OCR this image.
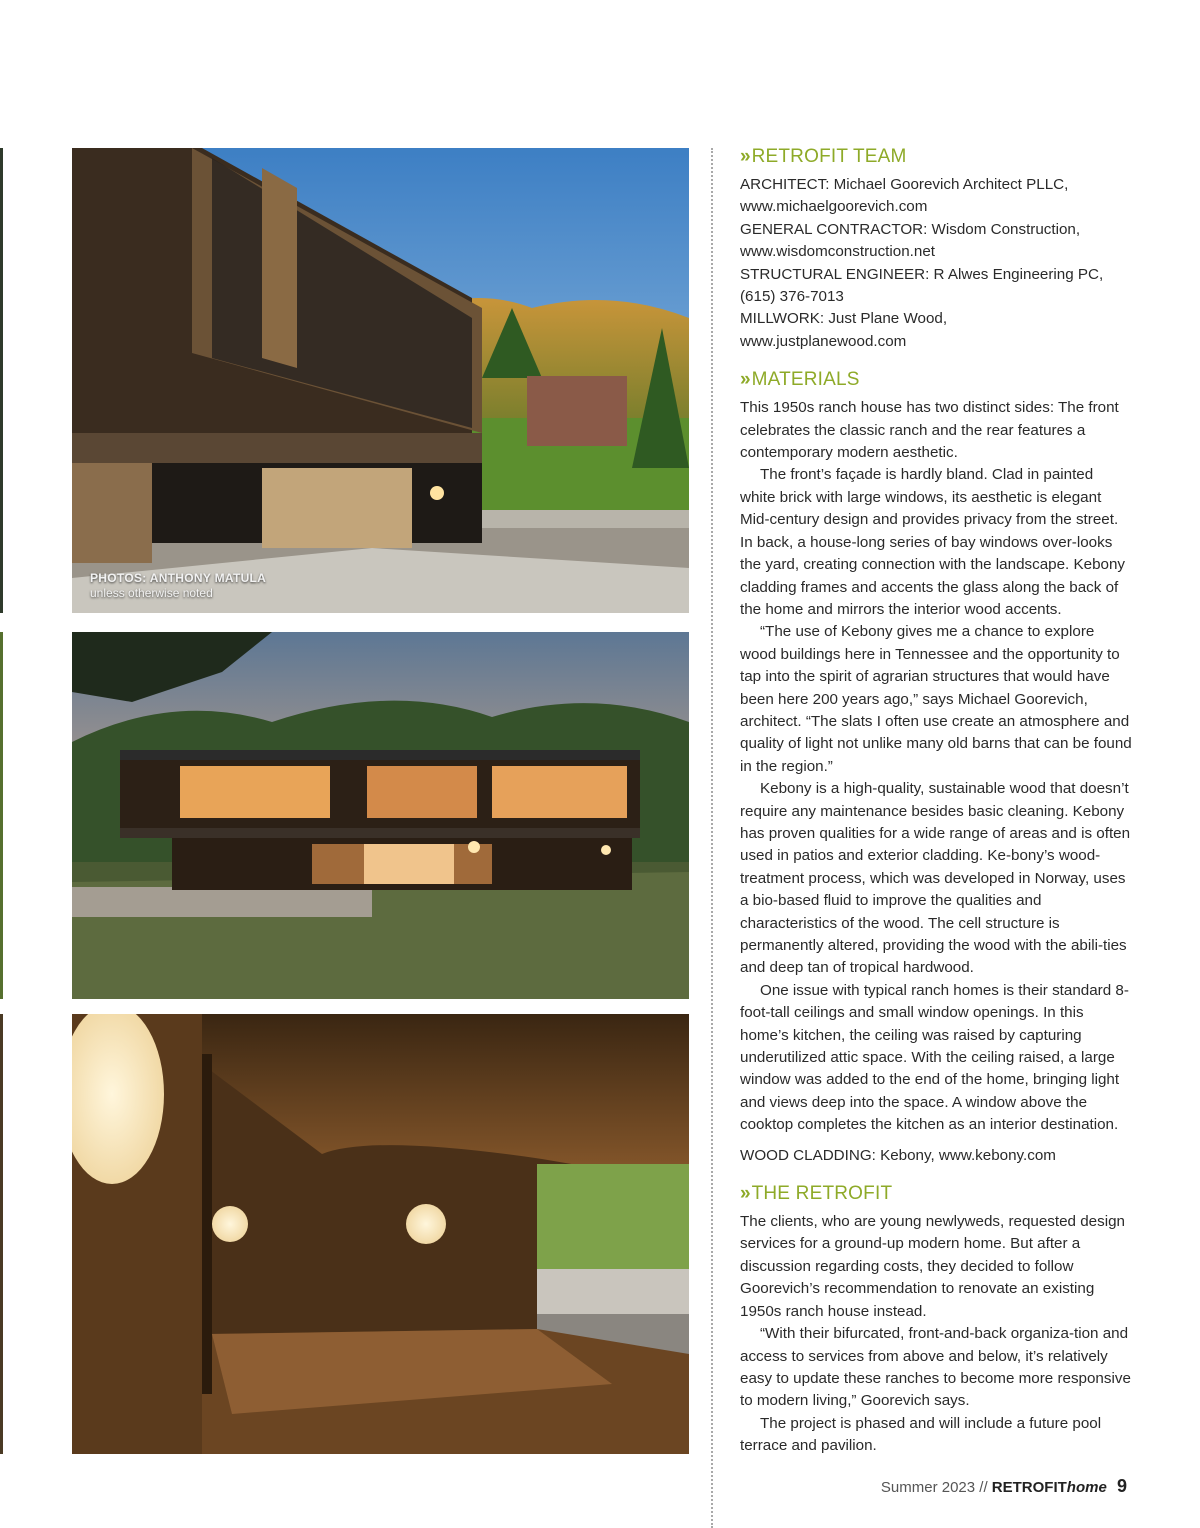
PHOTOS: ANTHONY MATULA
unless otherwise noted
» RETROFIT TEAM

ARCHITECT: Michael Goorevich Architect PLLC,

www.michaelgoorevich.com

GENERAL CONTRACTOR: Wisdom Construction,

www.wisdomconstruction.net

STRUCTURAL ENGINEER: R Alwes Engineering PC,

(615) 376-7013

MILLWORK: Just Plane Wood,

www.justplanewood.com

» MATERIALS

This 1950s ranch house has two distinct sides: The front celebrates the classic ranch and the rear features a contemporary modern aesthetic.

The front’s façade is hardly bland. Clad in painted white brick with large windows, its aesthetic is elegant Mid-century design and provides privacy from the street. In back, a house-long series of bay windows over-looks the yard, creating connection with the landscape. Kebony cladding frames and accents the glass along the back of the home and mirrors the interior wood accents.

“The use of Kebony gives me a chance to explore wood buildings here in Tennessee and the opportunity to tap into the spirit of agrarian structures that would have been here 200 years ago,” says Michael Goorevich, architect. “The slats I often use create an atmosphere and quality of light not unlike many old barns that can be found in the region.”

Kebony is a high-quality, sustainable wood that doesn’t require any maintenance besides basic cleaning. Kebony has proven qualities for a wide range of areas and is often used in patios and exterior cladding. Ke-bony’s wood-treatment process, which was developed in Norway, uses a bio-based fluid to improve the qualities and characteristics of the wood. The cell structure is permanently altered, providing the wood with the abili-ties and deep tan of tropical hardwood.

One issue with typical ranch homes is their standard 8-foot-tall ceilings and small window openings. In this home’s kitchen, the ceiling was raised by capturing underutilized attic space. With the ceiling raised, a large window was added to the end of the home, bringing light and views deep into the space. A window above the cooktop completes the kitchen as an interior destination.

WOOD CLADDING: Kebony, www.kebony.com

» THE RETROFIT

The clients, who are young newlyweds, requested design services for a ground-up modern home. But after a discussion regarding costs, they decided to follow Goorevich’s recommendation to renovate an existing 1950s ranch house instead.

“With their bifurcated, front-and-back organiza-tion and access to services from above and below, it’s relatively easy to update these ranches to become more responsive to modern living,” Goorevich says.

The project is phased and will include a future pool terrace and pavilion.

Summer 2023 // RETROFIThome 9
